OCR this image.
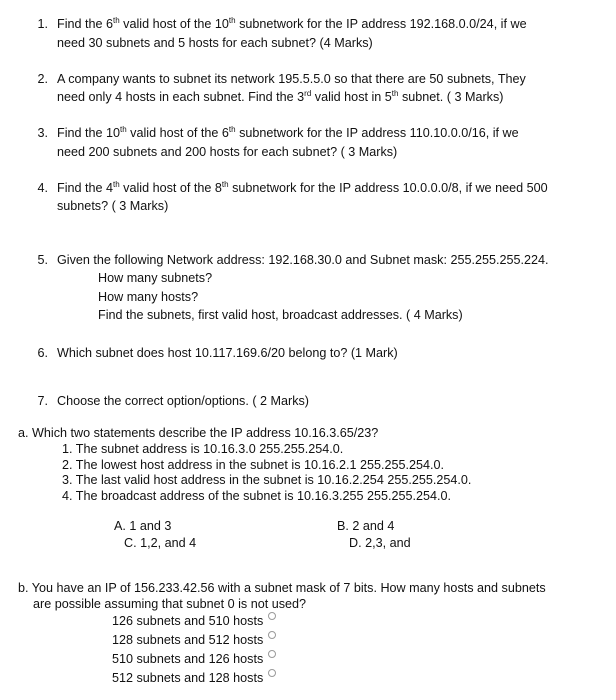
1. Find the 6th valid host of the 10th subnetwork for the IP address 192.168.0.0/24, if we
need 30 subnets and 5 hosts for each subnet? (4 Marks)
2. A company wants to subnet its network 195.5.5.0 so that there are 50 subnets, They
need only 4 hosts in each subnet. Find the 3rd valid host in 5th subnet. ( 3 Marks)
3. Find the 10th valid host of the 6th subnetwork for the IP address 110.10.0.0/16, if we
need 200 subnets and 200 hosts for each subnet? ( 3 Marks)
4. Find the 4th valid host of the 8th subnetwork for the IP address 10.0.0.0/8, if we need 500
subnets? ( 3 Marks)
5. Given the following Network address: 192.168.30.0 and Subnet mask: 255.255.255.224.
How many subnets?
How many hosts?
Find the subnets, first valid host, broadcast addresses. ( 4 Marks)
6. Which subnet does host 10.117.169.6/20 belong to? (1 Mark)
7. Choose the correct option/options. ( 2 Marks)
a. Which two statements describe the IP address 10.16.3.65/23?
1. The subnet address is 10.16.3.0 255.255.254.0.
2. The lowest host address in the subnet is 10.16.2.1 255.255.254.0.
3. The last valid host address in the subnet is 10.16.2.254 255.255.254.0.
4. The broadcast address of the subnet is 10.16.3.255 255.255.254.0.
A. 1 and 3	B. 2 and 4
C. 1,2, and 4	D. 2,3, and
b. You have an IP of 156.233.42.56 with a subnet mask of 7 bits. How many hosts and subnets
are possible assuming that subnet 0 is not used?
126 subnets and 510 hosts
128 subnets and 512 hosts
510 subnets and 126 hosts
512 subnets and 128 hosts
